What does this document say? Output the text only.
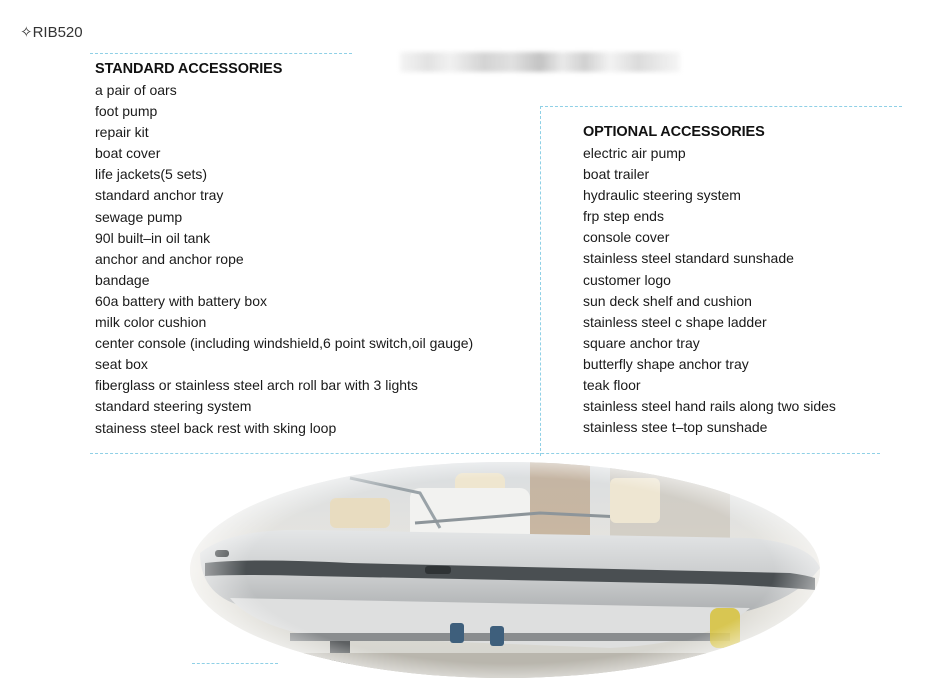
✧RIB520
STANDARD ACCESSORIES
a pair of oars
foot pump
repair kit
boat cover
life jackets(5 sets)
standard anchor tray
sewage pump
90l built–in oil tank
anchor and anchor rope
bandage
60a battery with battery box
milk color cushion
center console (including windshield,6 point switch,oil gauge)
seat box
fiberglass or stainless steel arch roll bar with 3 lights
standard steering system
stainess steel back rest with sking loop
OPTIONAL ACCESSORIES
electric air pump
boat trailer
hydraulic steering system
frp step ends
console cover
stainless steel standard sunshade
customer logo
sun deck shelf and cushion
stainless steel c shape ladder
square anchor tray
butterfly shape anchor tray
teak floor
stainless steel hand rails along two sides
stainless stee t–top sunshade
